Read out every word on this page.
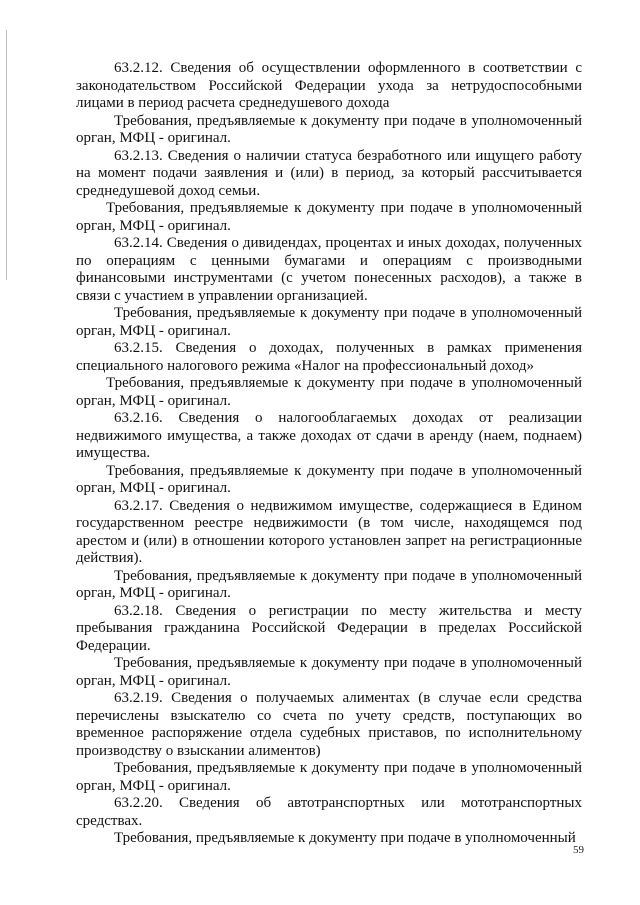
63.2.12. Сведения об осуществлении оформленного в соответствии с законодательством Российской Федерации ухода за нетрудоспособными лицами в период расчета среднедушевого дохода

Требования, предъявляемые к документу при подаче в уполномоченный орган, МФЦ - оригинал.

63.2.13. Сведения о наличии статуса безработного или ищущего работу на момент подачи заявления и (или) в период, за который рассчитывается среднедушевой доход семьи.

Требования, предъявляемые к документу при подаче в уполномоченный орган, МФЦ - оригинал.

63.2.14. Сведения о дивидендах, процентах и иных доходах, полученных по операциям с ценными бумагами и операциям с производными финансовыми инструментами (с учетом понесенных расходов), а также в связи с участием в управлении организацией.

Требования, предъявляемые к документу при подаче в уполномоченный орган, МФЦ - оригинал.

63.2.15. Сведения о доходах, полученных в рамках применения специального налогового режима «Налог на профессиональный доход»

Требования, предъявляемые к документу при подаче в уполномоченный орган, МФЦ - оригинал.

63.2.16. Сведения о налогооблагаемых доходах от реализации недвижимого имущества, а также доходах от сдачи в аренду (наем, поднаем) имущества.

Требования, предъявляемые к документу при подаче в уполномоченный орган, МФЦ - оригинал.

63.2.17. Сведения о недвижимом имуществе, содержащиеся в Едином государственном реестре недвижимости (в том числе, находящемся под арестом и (или) в отношении которого установлен запрет на регистрационные действия).

Требования, предъявляемые к документу при подаче в уполномоченный орган, МФЦ - оригинал.

63.2.18. Сведения о регистрации по месту жительства и месту пребывания гражданина Российской Федерации в пределах Российской Федерации.

Требования, предъявляемые к документу при подаче в уполномоченный орган, МФЦ - оригинал.

63.2.19. Сведения о получаемых алиментах (в случае если средства перечислены взыскателю со счета по учету средств, поступающих во временное распоряжение отдела судебных приставов, по исполнительному производству о взыскании алиментов)

Требования, предъявляемые к документу при подаче в уполномоченный орган, МФЦ - оригинал.

63.2.20. Сведения об автотранспортных или мототранспортных средствах.

Требования, предъявляемые к документу при подаче в уполномоченный

59
